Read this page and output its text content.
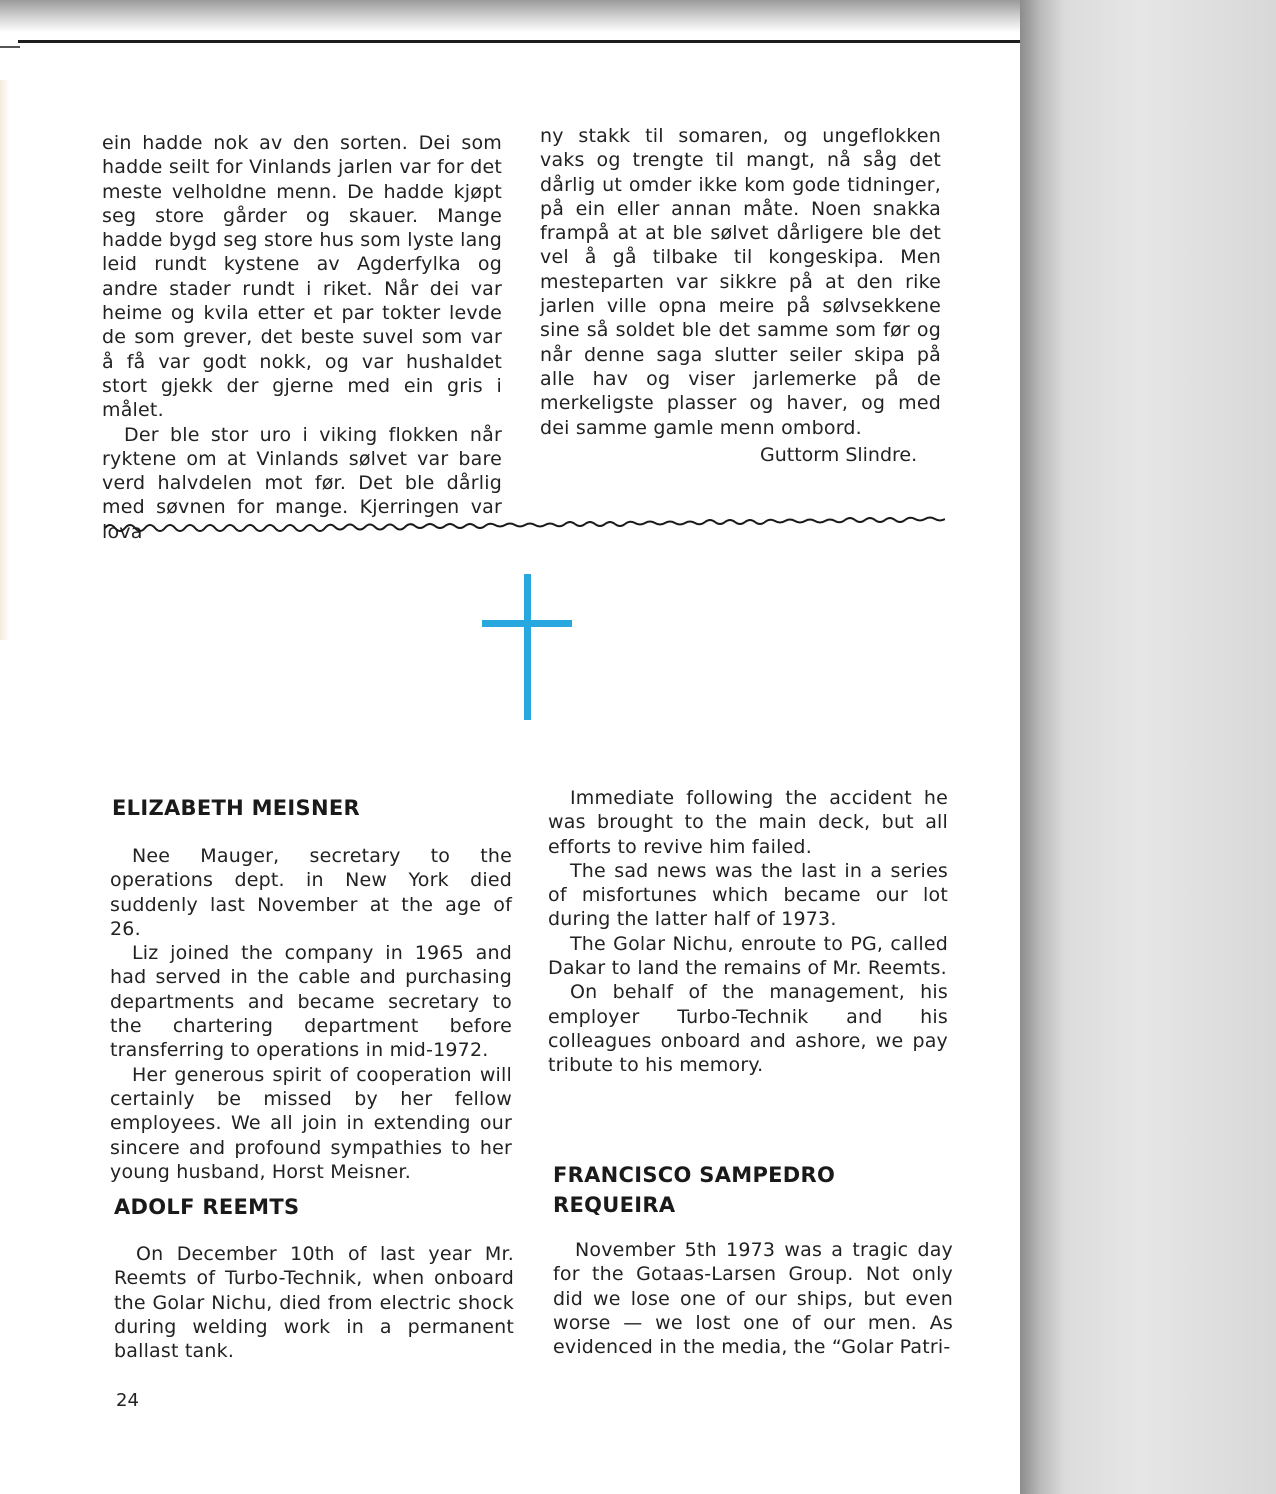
ein hadde nok av den sorten. Dei som hadde seilt for Vinlands jarlen var for det meste velholdne menn. De hadde kjøpt seg store gårder og skauer. Mange hadde bygd seg store hus som lyste lang leid rundt kystene av Agderfylka og andre stader rundt i riket. Når dei var heime og kvila etter et par tokter levde de som grever, det beste suvel som var å få var godt nokk, og var hushaldet stort gjekk der gjerne med ein gris i målet.

Der ble stor uro i viking flokken når ryktene om at Vinlands sølvet var bare verd halvdelen mot før. Det ble dårlig med søvnen for mange. Kjerringen var lova

ny stakk til somaren, og ungeflokken vaks og trengte til mangt, nå såg det dårlig ut omder ikke kom gode tidninger, på ein eller annan måte. Noen snakka frampå at at ble sølvet dårligere ble det vel å gå tilbake til kongeskipa. Men mesteparten var sikkre på at den rike jarlen ville opna meire på sølvsekkene sine så soldet ble det samme som før og når denne saga slutter seiler skipa på alle hav og viser jarlemerke på de merkeligste plasser og haver, og med dei samme gamle menn ombord.

Guttorm Slindre.
ELIZABETH MEISNER

Nee Mauger, secretary to the operations dept. in New York died suddenly last November at the age of 26.

Liz joined the company in 1965 and had served in the cable and purchasing departments and became secretary to the chartering department before transferring to operations in mid-1972.

Her generous spirit of cooperation will certainly be missed by her fellow employees. We all join in extending our sincere and profound sympathies to her young husband, Horst Meisner.

ADOLF REEMTS

On December 10th of last year Mr. Reemts of Turbo-Technik, when onboard the Golar Nichu, died from electric shock during welding work in a permanent ballast tank.

Immediate following the accident he was brought to the main deck, but all efforts to revive him failed.

The sad news was the last in a series of misfortunes which became our lot during the latter half of 1973.

The Golar Nichu, enroute to PG, called Dakar to land the remains of Mr. Reemts.

On behalf of the management, his employer Turbo-Technik and his colleagues onboard and ashore, we pay tribute to his memory.

FRANCISCO SAMPEDRO
REQUEIRA

November 5th 1973 was a tragic day for the Gotaas-Larsen Group. Not only did we lose one of our ships, but even worse — we lost one of our men. As evidenced in the media, the “Golar Patri-

24
